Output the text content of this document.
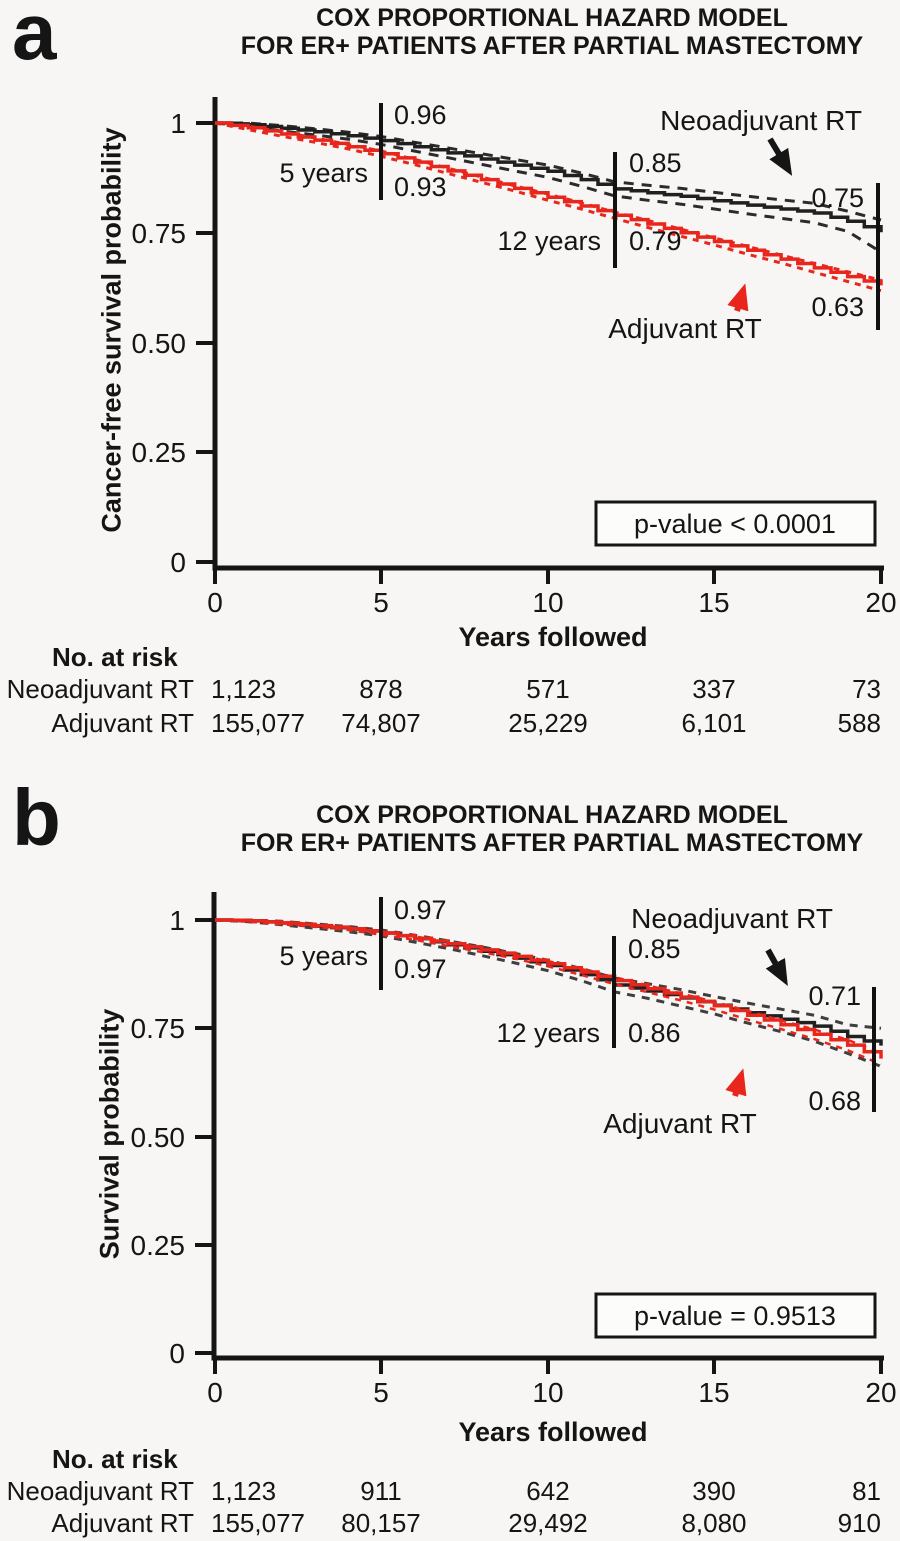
a
b
COX PROPORTIONAL HAZARD MODEL
FOR ER+ PATIENTS AFTER PARTIAL MASTECTOMY
COX PROPORTIONAL HAZARD MODEL
FOR ER+ PATIENTS AFTER PARTIAL MASTECTOMY
Cancer-free survival probability
Survival probability
1
0.75
0.50
0.25
0
0	5	10	15	20
0.96
5 years 0.93
0.85
12 years 0.79
0.75
0.63
Neoadjuvant RT
Adjuvant RT
p-value < 0.0001
Years followed
1
0.75
0.50
0.25
0
0	5	10	15	20
0.97
5 years 0.97
0.85
12 years 0.86
0.71
0.68
Neoadjuvant RT
Adjuvant RT
p-value = 0.9513
Years followed
No. at risk
Neoadjuvant RT 1,123	878	571	337	73
Adjuvant RT 155,077	74,807	25,229	6,101	588
No. at risk
Neoadjuvant RT 1,123	911	642	390	81
Adjuvant RT 155,077	80,157	29,492	8,080	910
